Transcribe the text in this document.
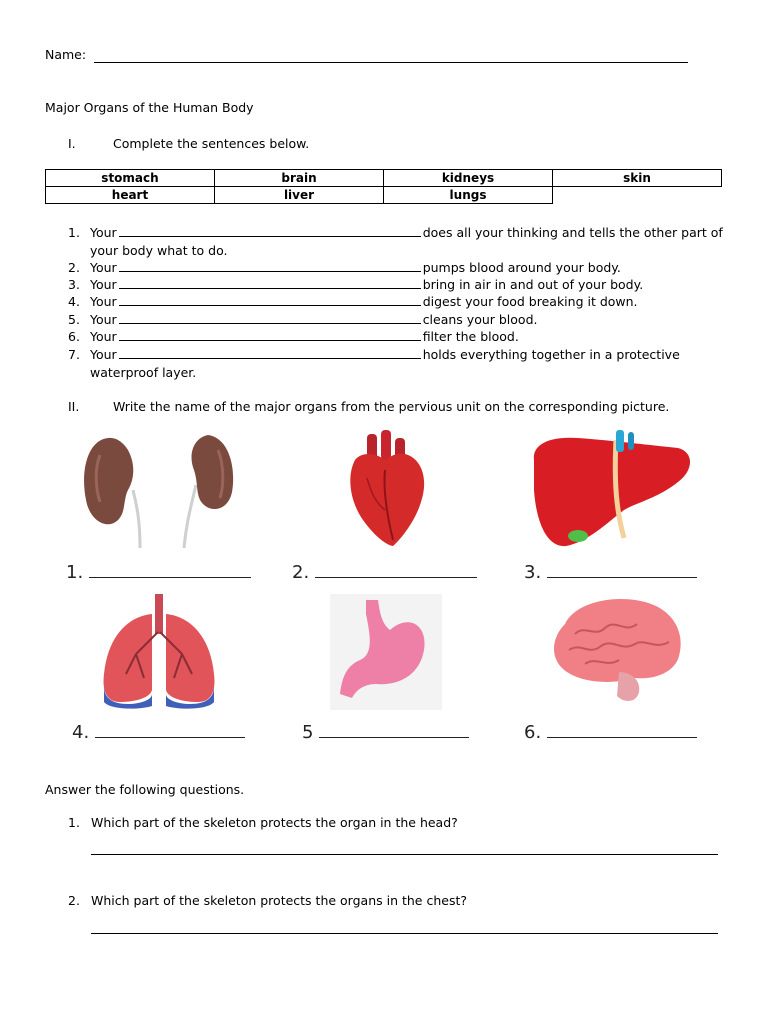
Name:
Major Organs of the Human Body
I.	Complete the sentences below.
stomach	brain	kidneys	skin
heart	liver	lungs	
1. Your	does all your thinking and tells the other part of
your body what to do.
2. Your	pumps blood around your body.
3. Your	bring in air in and out of your body.
4. Your	digest your food breaking it down.
5. Your	cleans your blood.
6. Your	filter the blood.
7. Your	holds everything together in a protective
waterproof layer.
II.	Write the name of the major organs from the pervious unit on the corresponding picture.
1.	2.	3.
4.	5	6.
Answer the following questions.
1. Which part of the skeleton protects the organ in the head?
2. Which part of the skeleton protects the organs in the chest?
